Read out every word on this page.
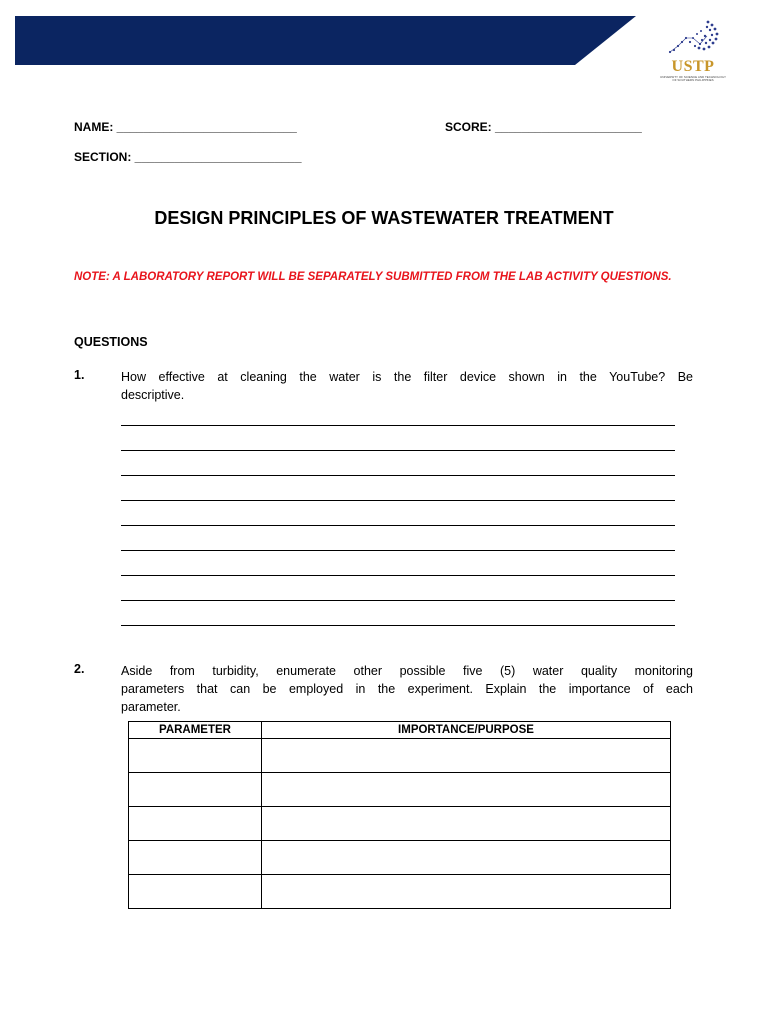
USTP
UNIVERSITY OF SCIENCE AND TECHNOLOGY OF SOUTHERN PHILIPPINES
NAME: ___________________________	SCORE: ______________________
SECTION: _________________________
DESIGN PRINCIPLES OF WASTEWATER TREATMENT
NOTE: A LABORATORY REPORT WILL BE SEPARATELY SUBMITTED FROM THE LAB ACTIVITY QUESTIONS.
QUESTIONS
1.	How effective at cleaning the water is the filter device shown in the YouTube? Be
descriptive.
2.	Aside from turbidity, enumerate other possible five (5) water quality monitoring
parameters that can be employed in the experiment. Explain the importance of each
parameter.
PARAMETER	IMPORTANCE/PURPOSE
